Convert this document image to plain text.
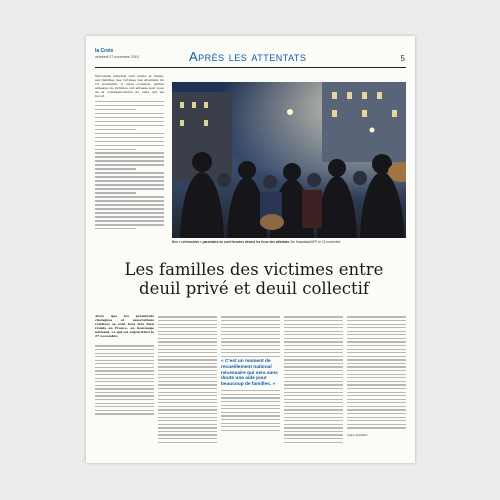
la Croix
vendredi 27 novembre 2015	Après les attentats	5

Vincennes national vers maire et maire, aux familles des victimes des attentats du 13 novembre. A cette occasion, quinze anneaux de victimes ont adresse leur voeu de la commemoration de celle qui les recoit.

Des « cérémonies » parentales se sont formées devant les lieux des attentats Jim Kawabata/AFP, le 13 novembre
Les familles des victimes entre deuil privé et deuil collectif
Alors que les présidents choisques et associations relatives se sont tous très bien réunis en France, en hommage national, ce qui est aujourd'hui le 27 novembre.
« C'est un moment de recueillement national nécessaire qui sera sans doute une aide pour beaucoup de familles. »
Claire ANDRAL
